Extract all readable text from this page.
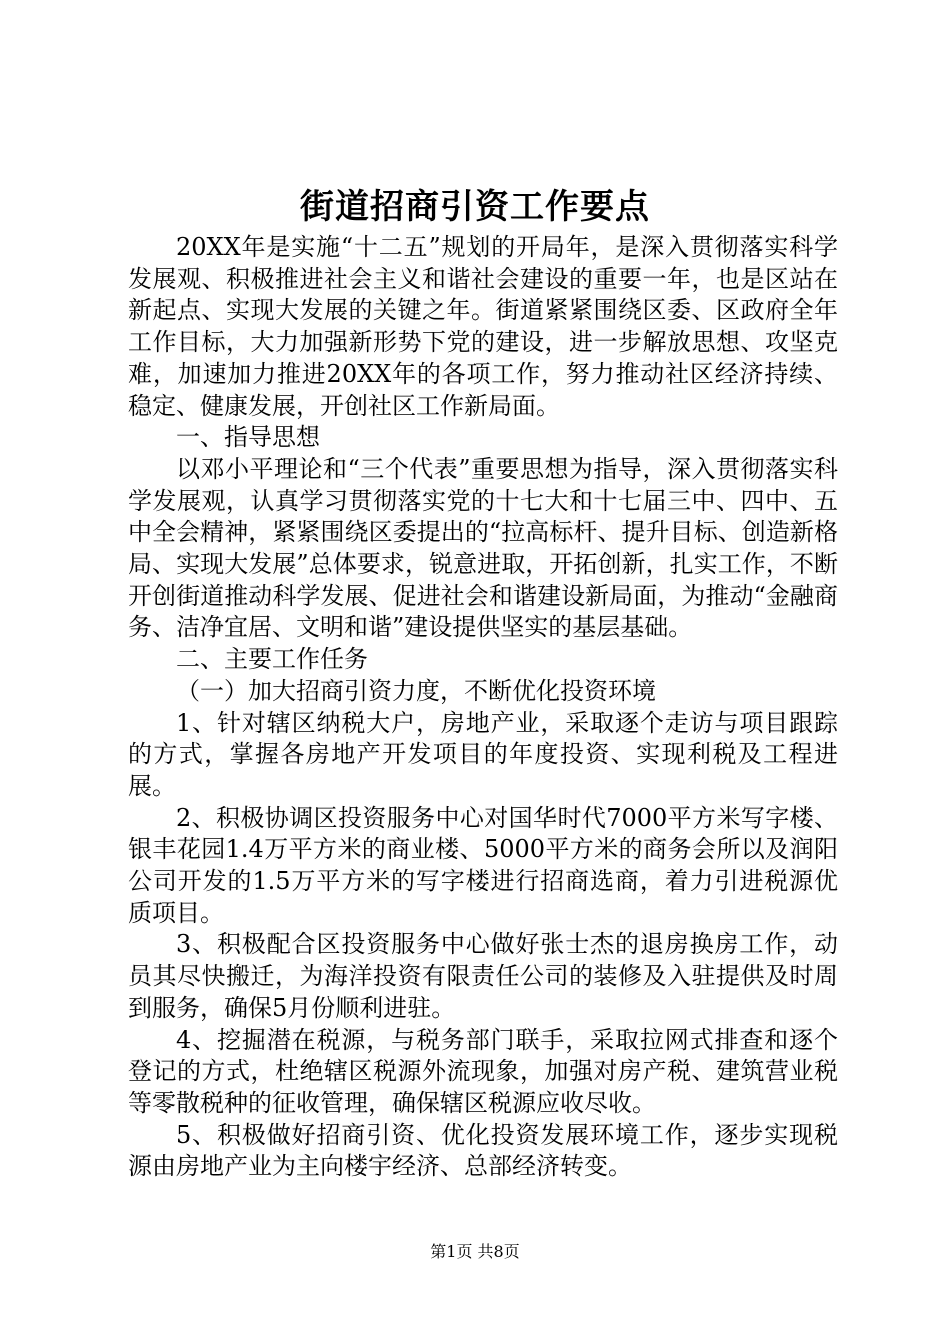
街道招商引资工作要点

20XX年是实施“十二五”规划的开局年，是深入贯彻落实科学发展观、积极推进社会主义和谐社会建设的重要一年，也是区站在新起点、实现大发展的关键之年。街道紧紧围绕区委、区政府全年工作目标，大力加强新形势下党的建设，进一步解放思想、攻坚克难，加速加力推进20XX年的各项工作，努力推动社区经济持续、稳定、健康发展，开创社区工作新局面。

一、指导思想

以邓小平理论和“三个代表”重要思想为指导，深入贯彻落实科学发展观，认真学习贯彻落实党的十七大和十七届三中、四中、五中全会精神，紧紧围绕区委提出的“拉高标杆、提升目标、创造新格局、实现大发展”总体要求，锐意进取，开拓创新，扎实工作，不断开创街道推动科学发展、促进社会和谐建设新局面，为推动“金融商务、洁净宜居、文明和谐”建设提供坚实的基层基础。

二、主要工作任务

（一）加大招商引资力度，不断优化投资环境

1、针对辖区纳税大户，房地产业，采取逐个走访与项目跟踪的方式，掌握各房地产开发项目的年度投资、实现利税及工程进展。

2、积极协调区投资服务中心对国华时代7000平方米写字楼、银丰花园1.4万平方米的商业楼、5000平方米的商务会所以及润阳公司开发的1.5万平方米的写字楼进行招商选商，着力引进税源优质项目。

3、积极配合区投资服务中心做好张士杰的退房换房工作，动员其尽快搬迁，为海洋投资有限责任公司的装修及入驻提供及时周到服务，确保5月份顺利进驻。

4、挖掘潜在税源，与税务部门联手，采取拉网式排查和逐个登记的方式，杜绝辖区税源外流现象，加强对房产税、建筑营业税等零散税种的征收管理，确保辖区税源应收尽收。

5、积极做好招商引资、优化投资发展环境工作，逐步实现税源由房地产业为主向楼宇经济、总部经济转变。

第1页 共8页
